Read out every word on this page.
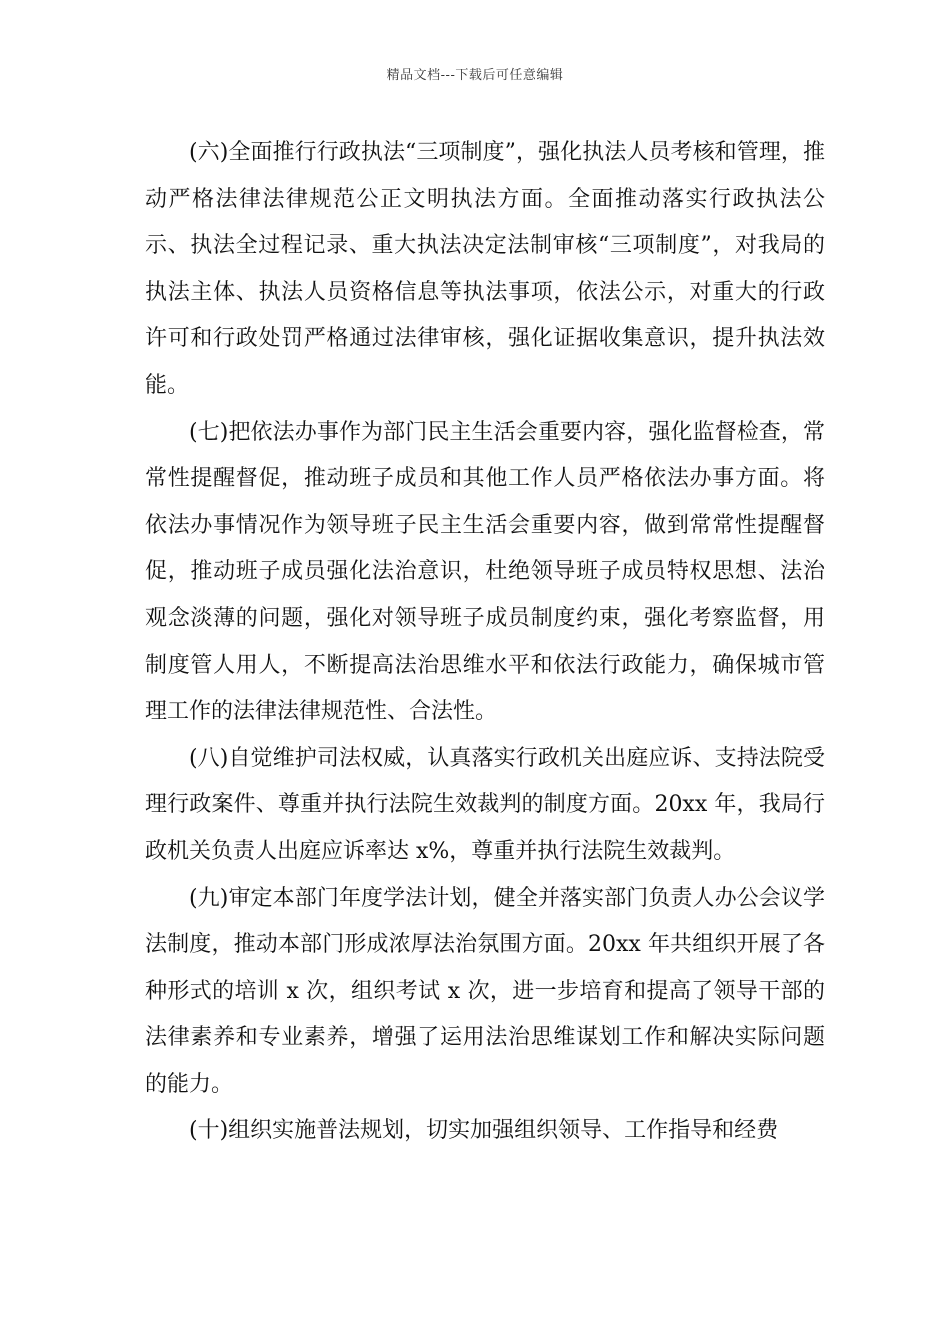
精品文档---下载后可任意编辑

(六)全面推行行政执法“三项制度”，强化执法人员考核和管理，推动严格法律法律规范公正文明执法方面。全面推动落实行政执法公示、执法全过程记录、重大执法决定法制审核“三项制度”，对我局的执法主体、执法人员资格信息等执法事项，依法公示，对重大的行政许可和行政处罚严格通过法律审核，强化证据收集意识，提升执法效能。

(七)把依法办事作为部门民主生活会重要内容，强化监督检查，常常性提醒督促，推动班子成员和其他工作人员严格依法办事方面。将依法办事情况作为领导班子民主生活会重要内容，做到常常性提醒督促，推动班子成员强化法治意识，杜绝领导班子成员特权思想、法治观念淡薄的问题，强化对领导班子成员制度约束，强化考察监督，用制度管人用人，不断提高法治思维水平和依法行政能力，确保城市管理工作的法律法律规范性、合法性。

(八)自觉维护司法权威，认真落实行政机关出庭应诉、支持法院受理行政案件、尊重并执行法院生效裁判的制度方面。20xx 年，我局行政机关负责人出庭应诉率达 x%，尊重并执行法院生效裁判。

(九)审定本部门年度学法计划，健全并落实部门负责人办公会议学法制度，推动本部门形成浓厚法治氛围方面。20xx 年共组织开展了各种形式的培训 x 次，组织考试 x 次，进一步培育和提高了领导干部的法律素养和专业素养，增强了运用法治思维谋划工作和解决实际问题的能力。

(十)组织实施普法规划，切实加强组织领导、工作指导和经费
